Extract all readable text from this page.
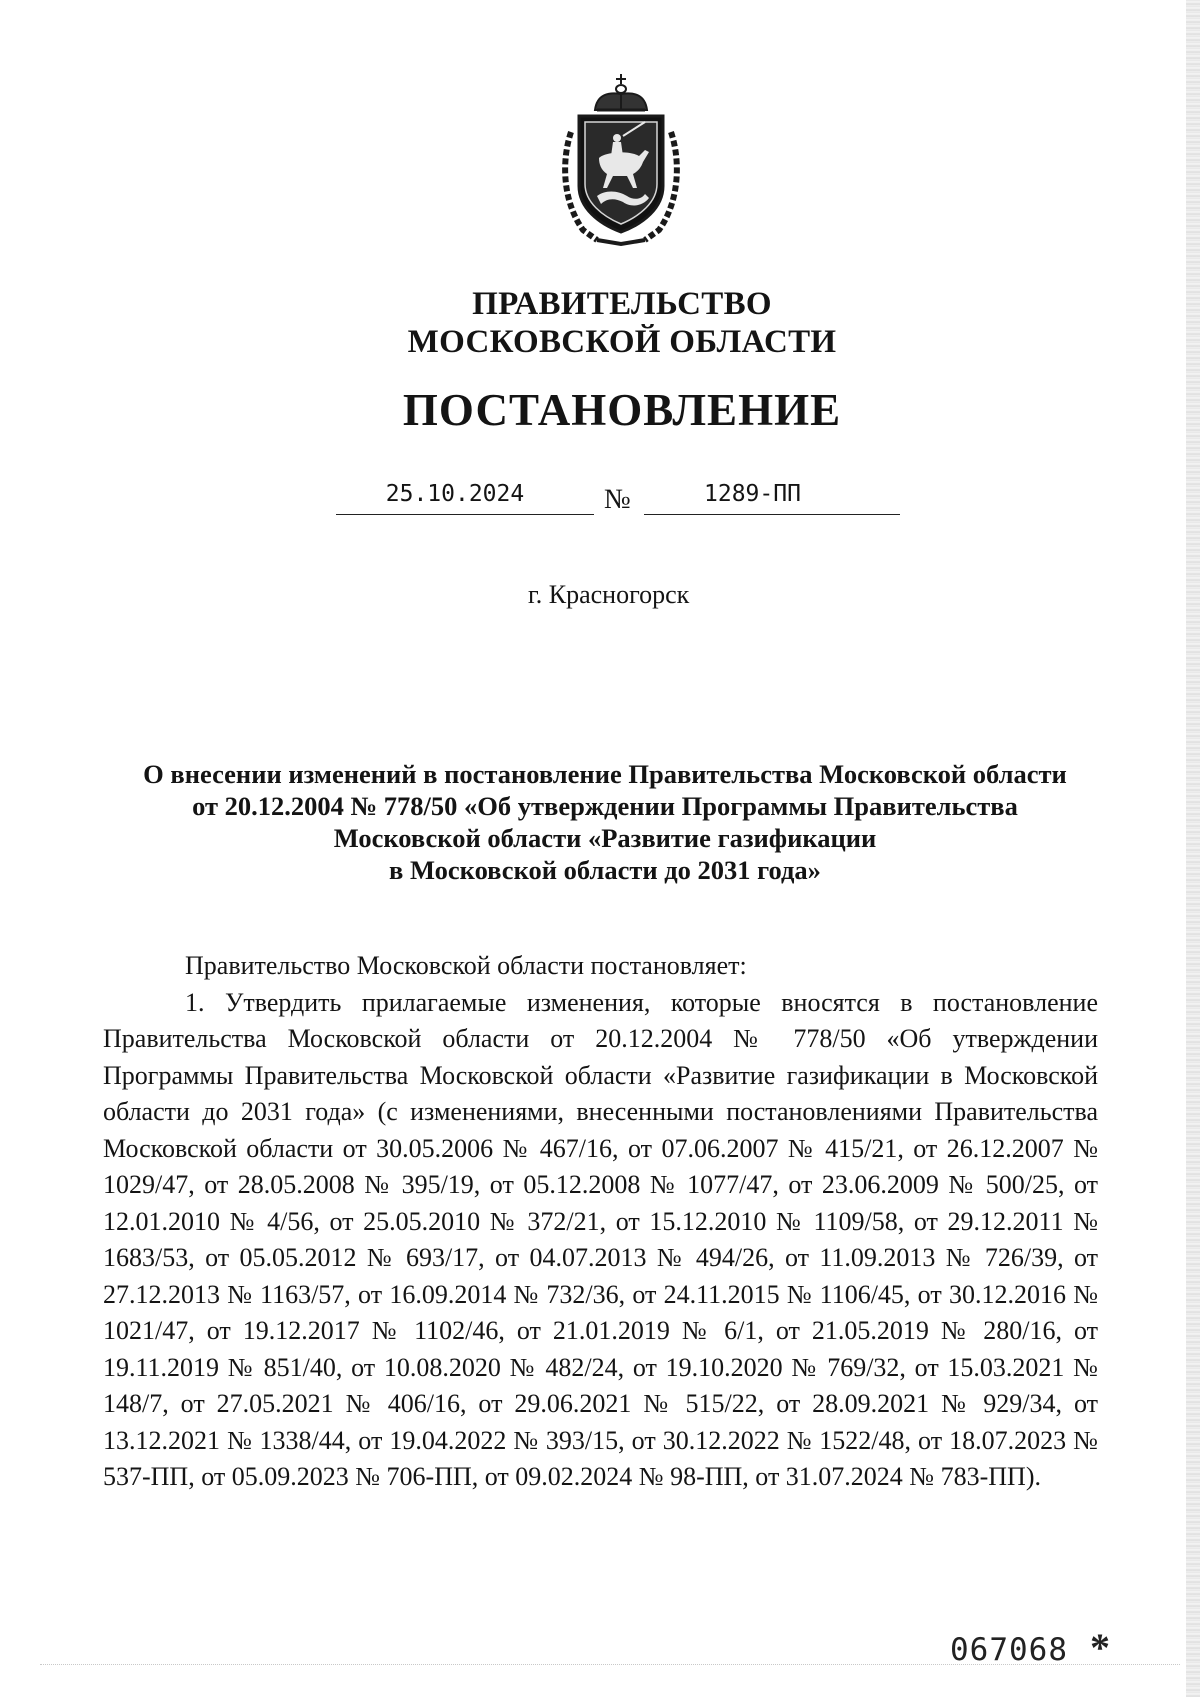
ПРАВИТЕЛЬСТВО
МОСКОВСКОЙ ОБЛАСТИ
ПОСТАНОВЛЕНИЕ
25.10.2024	№	1289-ПП
г. Красногорск
О внесении изменений в постановление Правительства Московской области
от 20.12.2004 № 778/50 «Об утверждении Программы Правительства
Московской области «Развитие газификации
в Московской области до 2031 года»

Правительство Московской области постановляет:

1. Утвердить прилагаемые изменения, которые вносятся в постановление Правительства Московской области от 20.12.2004 № 778/50 «Об утверждении Программы Правительства Московской области «Развитие газификации в Московской области до 2031 года» (с изменениями, внесенными постановлениями Правительства Московской области от 30.05.2006 № 467/16, от 07.06.2007 № 415/21, от 26.12.2007 № 1029/47, от 28.05.2008 № 395/19, от 05.12.2008 № 1077/47, от 23.06.2009 № 500/25, от 12.01.2010 № 4/56, от 25.05.2010 № 372/21, от 15.12.2010 № 1109/58, от 29.12.2011 № 1683/53, от 05.05.2012 № 693/17, от 04.07.2013 № 494/26, от 11.09.2013 № 726/39, от 27.12.2013 № 1163/57, от 16.09.2014 № 732/36, от 24.11.2015 № 1106/45, от 30.12.2016 № 1021/47, от 19.12.2017 № 1102/46, от 21.01.2019 № 6/1, от 21.05.2019 № 280/16, от 19.11.2019 № 851/40, от 10.08.2020 № 482/24, от 19.10.2020 № 769/32, от 15.03.2021 № 148/7, от 27.05.2021 № 406/16, от 29.06.2021 № 515/22, от 28.09.2021 № 929/34, от 13.12.2021 № 1338/44, от 19.04.2022 № 393/15, от 30.12.2022 № 1522/48, от 18.07.2023 № 537-ПП, от 05.09.2023 № 706-ПП, от 09.02.2024 № 98-ПП, от 31.07.2024 № 783-ПП).

067068 *
